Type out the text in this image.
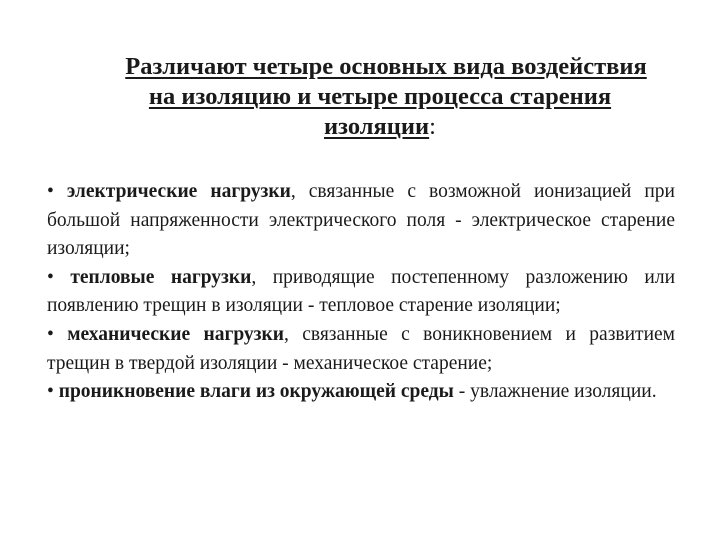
Различают четыре основных вида воздействия
на изоляцию и четыре процесса старения
изоляции:

• электрические нагрузки, связанные с возможной ионизацией при большой напряженности электрического поля - электрическое старение изоляции;

• тепловые нагрузки, приводящие постепенному разложению или появлению трещин в изоляции - тепловое старение изоляции;

• механические нагрузки, связанные с воникновением и развитием трещин в твердой изоляции - механическое старение;

• проникновение влаги из окружающей среды - увлажнение изоляции.
